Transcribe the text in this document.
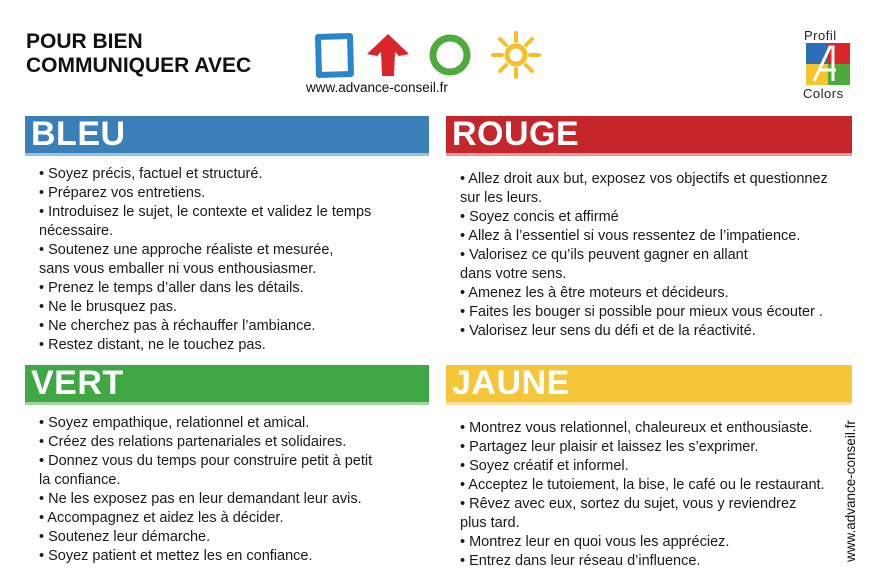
POUR BIEN
COMMUNIQUER AVEC
www.advance-conseil.fr
Profil
Colors
BLEU
• Soyez précis, factuel et structuré.
• Préparez vos entretiens.
• Introduisez le sujet, le contexte et validez le temps
nécessaire.
• Soutenez une approche réaliste et mesurée,
sans vous emballer ni vous enthousiasmer.
• Prenez le temps d’aller dans les détails.
• Ne le brusquez pas.
• Ne cherchez pas à réchauffer l’ambiance.
• Restez distant, ne le touchez pas.
ROUGE
• Allez droit aux but, exposez vos objectifs et questionnez
sur les leurs.
• Soyez concis et affirmé
• Allez à l’essentiel si vous ressentez de l’impatience.
• Valorisez ce qu’ils peuvent gagner en allant
dans votre sens.
• Amenez les à être moteurs et décideurs.
• Faites les bouger si possible pour mieux vous écouter .
• Valorisez leur sens du défi et de la réactivité.
VERT
• Soyez empathique, relationnel et amical.
• Créez des relations partenariales et solidaires.
• Donnez vous du temps pour construire petit à petit
la confiance.
• Ne les exposez pas en leur demandant leur avis.
• Accompagnez et aidez les à décider.
• Soutenez leur démarche.
• Soyez patient et mettez les en confiance.
JAUNE
• Montrez vous relationnel, chaleureux et enthousiaste.
• Partagez leur plaisir et laissez les s’exprimer.
• Soyez créatif et informel.
• Acceptez le tutoiement, la bise, le café ou le restaurant.
• Rêvez avec eux, sortez du sujet, vous y reviendrez
plus tard.
• Montrez leur en quoi vous les appréciez.
• Entrez dans leur réseau d’influence.	www.advance-conseil.fr
